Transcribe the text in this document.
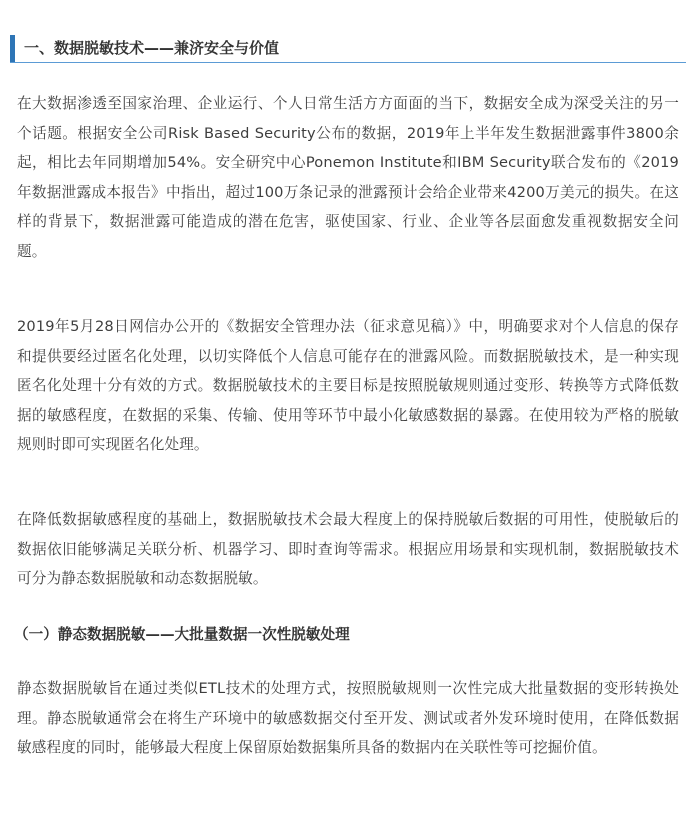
一、数据脱敏技术——兼济安全与价值

在大数据渗透至国家治理、企业运行、个人日常生活方方面面的当下，数据安全成为深受关注的另一个话题。根据安全公司Risk Based Security公布的数据，2019年上半年发生数据泄露事件3800余起，相比去年同期增加54%。安全研究中心Ponemon Institute和IBM Security联合发布的《2019年数据泄露成本报告》中指出，超过100万条记录的泄露预计会给企业带来4200万美元的损失。在这样的背景下，数据泄露可能造成的潜在危害，驱使国家、行业、企业等各层面愈发重视数据安全问题。

2019年5月28日网信办公开的《数据安全管理办法（征求意见稿）》中，明确要求对个人信息的保存和提供要经过匿名化处理，以切实降低个人信息可能存在的泄露风险。而数据脱敏技术，是一种实现匿名化处理十分有效的方式。数据脱敏技术的主要目标是按照脱敏规则通过变形、转换等方式降低数据的敏感程度，在数据的采集、传输、使用等环节中最小化敏感数据的暴露。在使用较为严格的脱敏规则时即可实现匿名化处理。

在降低数据敏感程度的基础上，数据脱敏技术会最大程度上的保持脱敏后数据的可用性，使脱敏后的数据依旧能够满足关联分析、机器学习、即时查询等需求。根据应用场景和实现机制，数据脱敏技术可分为静态数据脱敏和动态数据脱敏。

（一）静态数据脱敏——大批量数据一次性脱敏处理

静态数据脱敏旨在通过类似ETL技术的处理方式，按照脱敏规则一次性完成大批量数据的变形转换处理。静态脱敏通常会在将生产环境中的敏感数据交付至开发、测试或者外发环境时使用，在降低数据敏感程度的同时，能够最大程度上保留原始数据集所具备的数据内在关联性等可挖掘价值。
